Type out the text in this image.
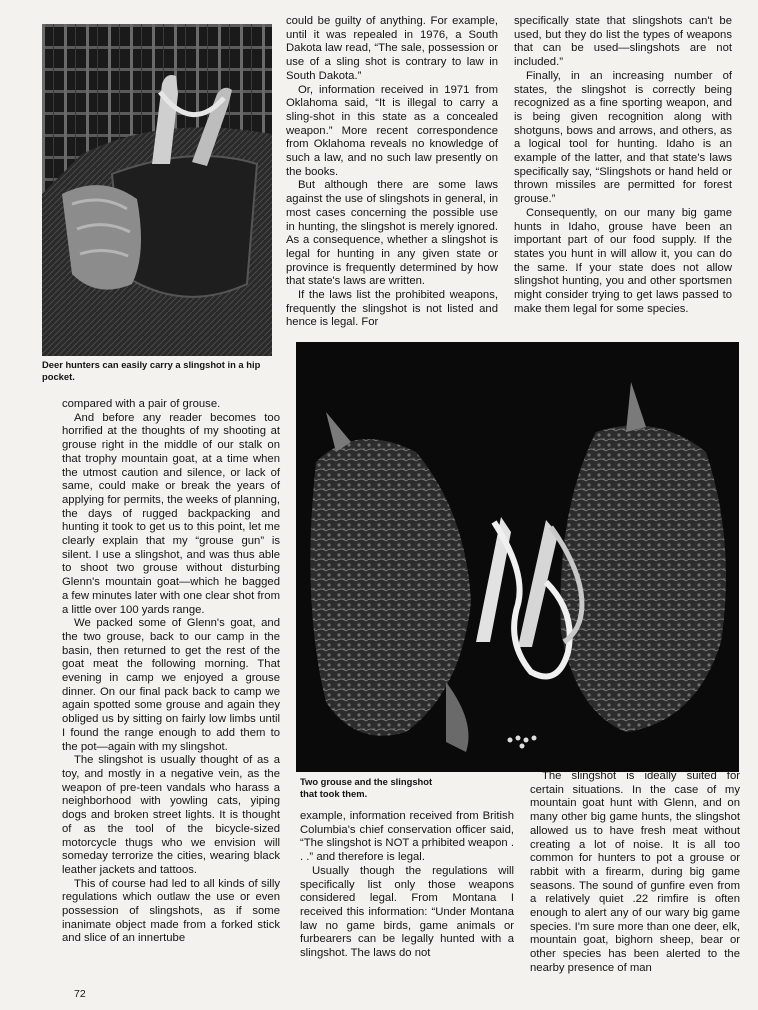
Deer hunters can easily carry a slingshot in a hip pocket.
Two grouse and the slingshot that took them.

could be guilty of anything. For example, until it was repealed in 1976, a South Dakota law read, “The sale, possession or use of a sling shot is contrary to law in South Dakota.”

Or, information received in 1971 from Oklahoma said, “It is illegal to carry a sling-shot in this state as a concealed weapon.” More recent correspondence from Oklahoma reveals no knowledge of such a law, and no such law presently on the books.

But although there are some laws against the use of slingshots in general, in most cases concerning the possible use in hunting, the slingshot is merely ignored. As a consequence, whether a slingshot is legal for hunting in any given state or province is frequently determined by how that state's laws are written.

If the laws list the prohibited weapons, frequently the slingshot is not listed and hence is legal. For

specifically state that slingshots can't be used, but they do list the types of weapons that can be used—slingshots are not included.”

Finally, in an increasing number of states, the slingshot is correctly being recognized as a fine sporting weapon, and is being given recognition along with shotguns, bows and arrows, and others, as a logical tool for hunting. Idaho is an example of the latter, and that state's laws specifically say, “Slingshots or hand held or thrown missiles are permitted for forest grouse.”

Consequently, on our many big game hunts in Idaho, grouse have been an important part of our food supply. If the states you hunt in will allow it, you can do the same. If your state does not allow slingshot hunting, you and other sportsmen might consider trying to get laws passed to make them legal for some species.

compared with a pair of grouse.

And before any reader becomes too horrified at the thoughts of my shooting at grouse right in the middle of our stalk on that trophy mountain goat, at a time when the utmost caution and silence, or lack of same, could make or break the years of applying for permits, the weeks of planning, the days of rugged backpacking and hunting it took to get us to this point, let me clearly explain that my “grouse gun” is silent. I use a slingshot, and was thus able to shoot two grouse without disturbing Glenn's mountain goat—which he bagged a few minutes later with one clear shot from a little over 100 yards range.

We packed some of Glenn's goat, and the two grouse, back to our camp in the basin, then returned to get the rest of the goat meat the following morning. That evening in camp we enjoyed a grouse dinner. On our final pack back to camp we again spotted some grouse and again they obliged us by sitting on fairly low limbs until I found the range enough to add them to the pot—again with my slingshot.

The slingshot is usually thought of as a toy, and mostly in a negative vein, as the weapon of pre-teen vandals who harass a neighborhood with yowling cats, yiping dogs and broken street lights. It is thought of as the tool of the bicycle-sized motorcycle thugs who we envision will someday terrorize the cities, wearing black leather jackets and tattoos.

This of course had led to all kinds of silly regulations which outlaw the use or even possession of slingshots, as if some inanimate object made from a forked stick and slice of an innertube

example, information received from British Columbia's chief conservation officer said, “The slingshot is NOT a prhibited weapon . . .” and therefore is legal.

Usually though the regulations will specifically list only those weapons considered legal. From Montana I received this information: “Under Montana law no game birds, game animals or furbearers can be legally hunted with a slingshot. The laws do not

The slingshot is ideally suited for certain situations. In the case of my mountain goat hunt with Glenn, and on many other big game hunts, the slingshot allowed us to have fresh meat without creating a lot of noise. It is all too common for hunters to pot a grouse or rabbit with a firearm, during big game seasons. The sound of gunfire even from a relatively quiet .22 rimfire is often enough to alert any of our wary big game species. I'm sure more than one deer, elk, mountain goat, bighorn sheep, bear or other species has been alerted to the nearby presence of man

72
